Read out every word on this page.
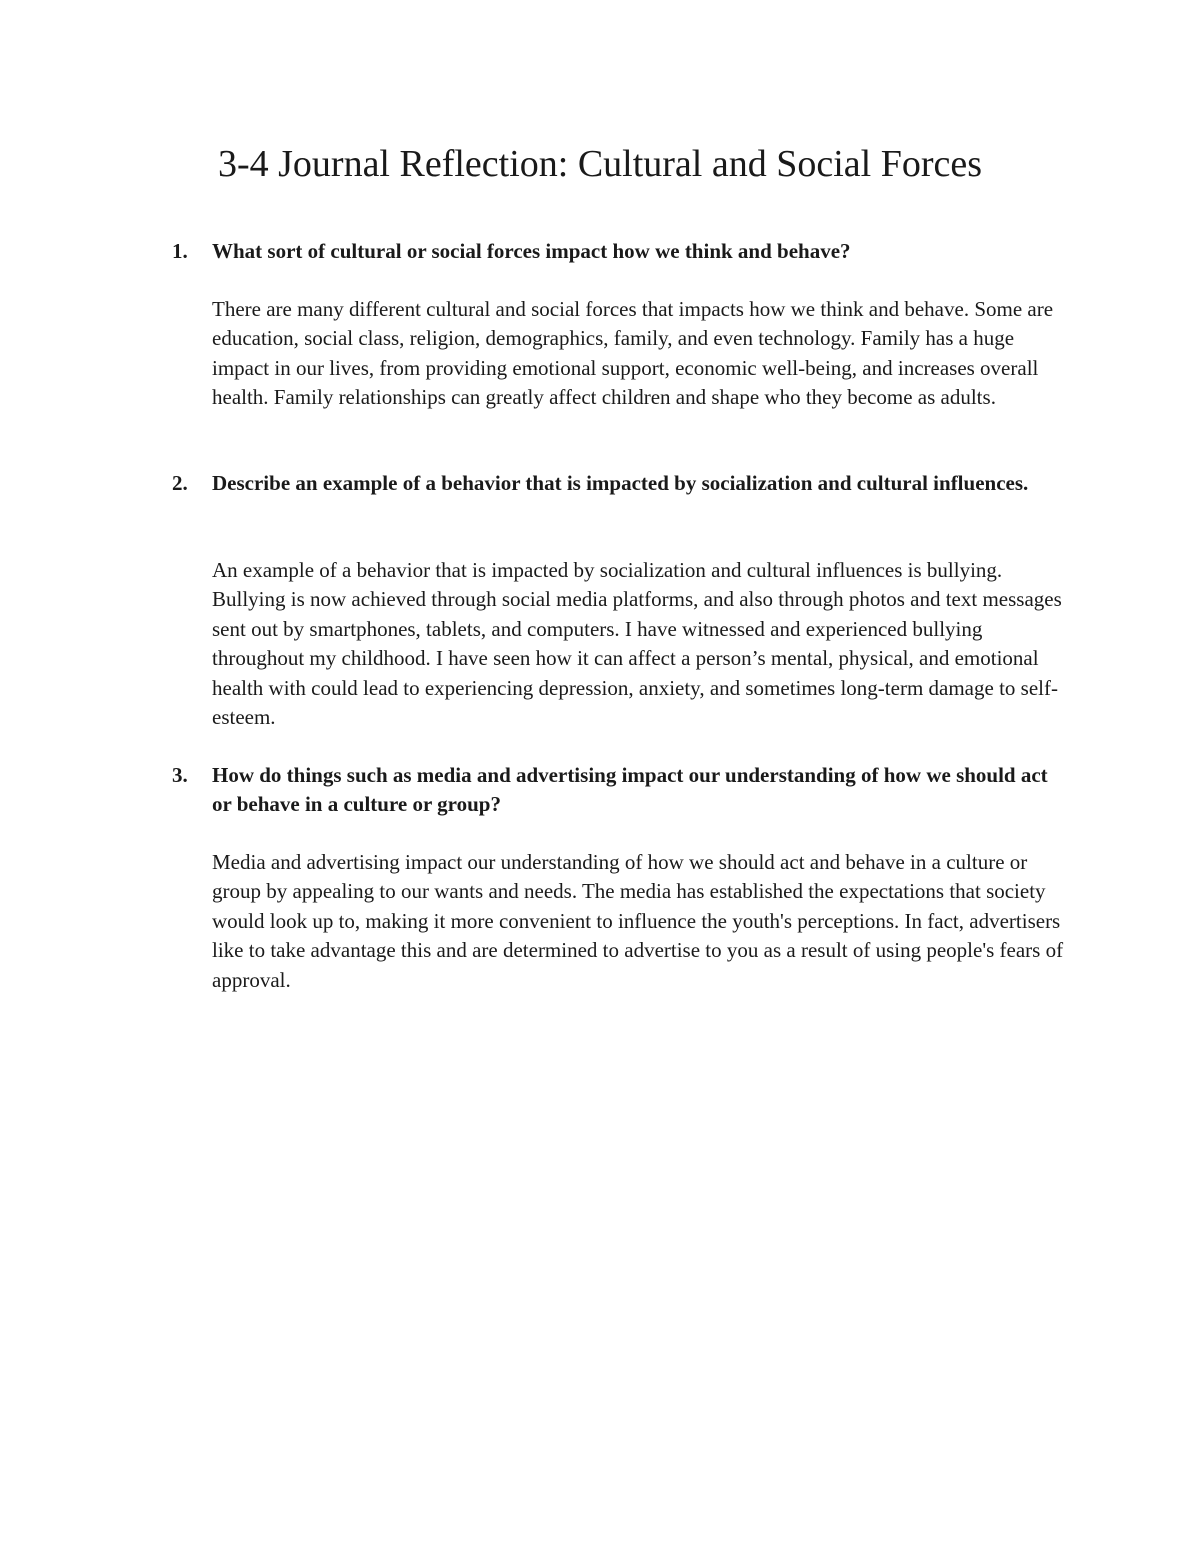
3-4 Journal Reflection: Cultural and Social Forces
1.	What sort of cultural or social forces impact how we think and behave?

There are many different cultural and social forces that impacts how we think and behave. Some are education, social class, religion, demographics, family, and even technology. Family has a huge impact in our lives, from providing emotional support, economic well-being, and increases overall health. Family relationships can greatly affect children and shape who they become as adults.

2.	Describe an example of a behavior that is impacted by socialization and cultural influences.

An example of a behavior that is impacted by socialization and cultural influences is bullying. Bullying is now achieved through social media platforms, and also through photos and text messages sent out by smartphones, tablets, and computers. I have witnessed and experienced bullying throughout my childhood. I have seen how it can affect a person’s mental, physical, and emotional health with could lead to experiencing depression, anxiety, and sometimes long-term damage to self-esteem.

3.	How do things such as media and advertising impact our understanding of how we should act or behave in a culture or group?

Media and advertising impact our understanding of how we should act and behave in a culture or group by appealing to our wants and needs. The media has established the expectations that society would look up to, making it more convenient to influence the youth's perceptions. In fact, advertisers like to take advantage this and are determined to advertise to you as a result of using people's fears of approval.
